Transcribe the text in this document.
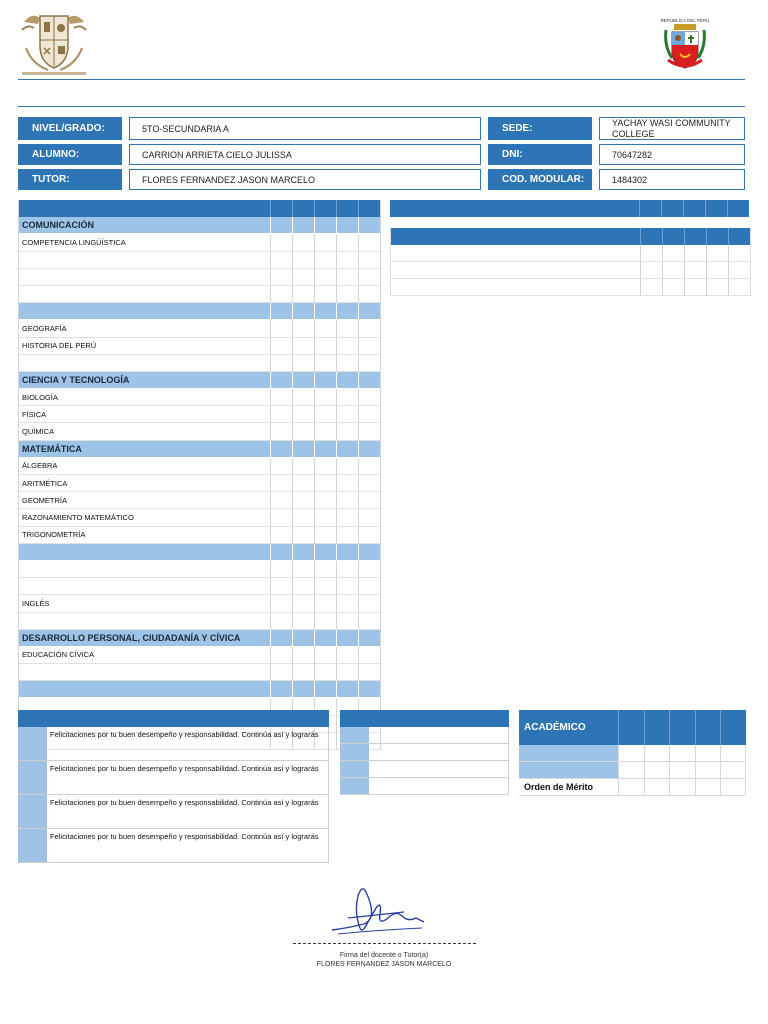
REPÚBLICA DEL PERÚ
NIVEL/GRADO:	5TO-SECUNDARIA A	SEDE:
YACHAY WASI COMMUNITY COLLEGE
ALUMNO:	CARRION ARRIETA CIELO JULISSA	DNI:	70647282
TUTOR:	FLORES FERNANDEZ JASON MARCELO	COD. MODULAR:	1484302
COMUNICACIÓN
COMPETENCIA LINGÜÍSTICA
GEOGRAFÍA
HISTORIA DEL PERÚ
CIENCIA Y TECNOLOGÍA
BIOLOGÍA
FÍSICA
QUÍMICA
MATEMÁTICA
ÁLGEBRA
ARITMÉTICA
GEOMETRÍA
RAZONAMIENTO MATEMÁTICO
TRIGONOMETRÍA
INGLÉS
DESARROLLO PERSONAL, CIUDADANÍA Y CÍVICA
EDUCACIÓN CÍVICA
Felicitaciones por tu buen desempeño y responsabilidad. Continúa así y lograrás
Felicitaciones por tu buen desempeño y responsabilidad. Continúa así y lograrás
Felicitaciones por tu buen desempeño y responsabilidad. Continúa así y lograrás
Felicitaciones por tu buen desempeño y responsabilidad. Continúa así y lograrás
ACADÉMICO
Orden de Mérito
Firma del docente o Tutor(a)
FLORES FERNANDEZ JASON MARCELO
